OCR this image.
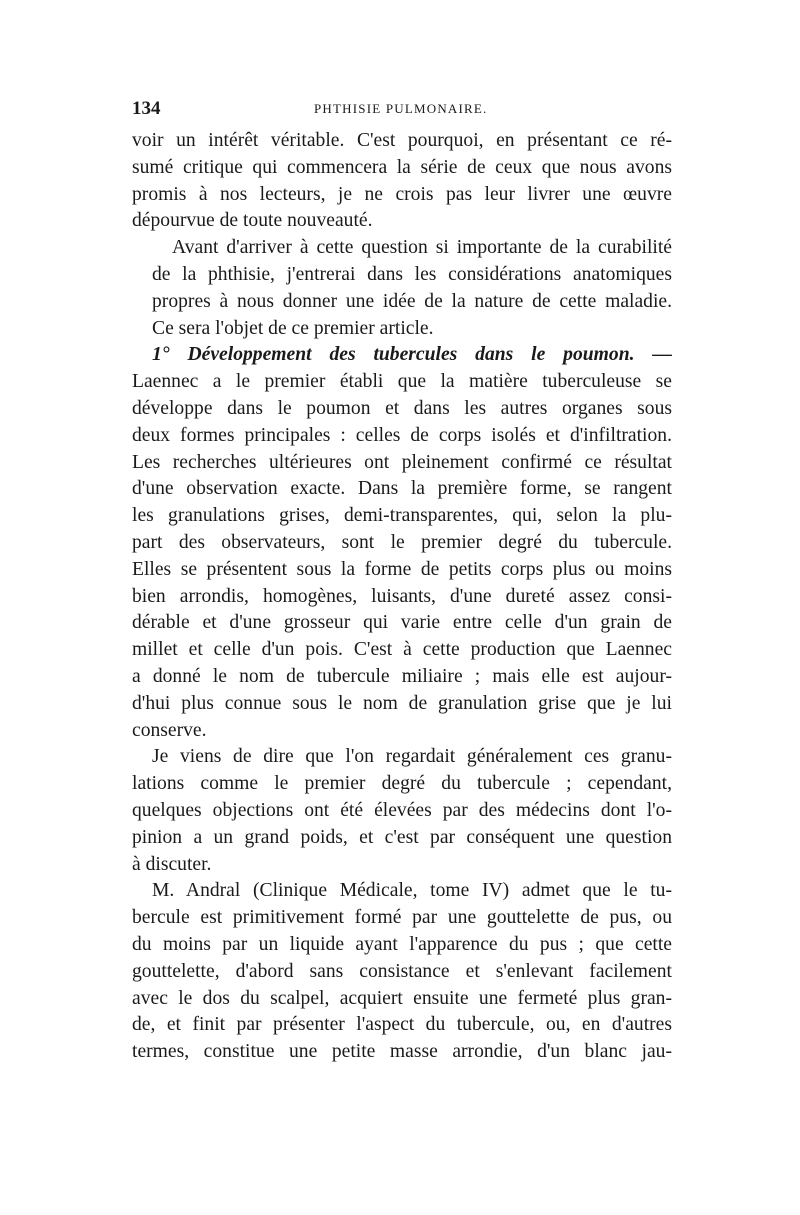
134	PHTHISIE PULMONAIRE.
voir un intérêt véritable. C'est pourquoi, en présentant ce ré-
sumé critique qui commencera la série de ceux que nous avons
promis à nos lecteurs, je ne crois pas leur livrer une œuvre
dépourvue de toute nouveauté.
Avant d'arriver à cette question si importante de la curabilité
de la phthisie, j'entrerai dans les considérations anatomiques
propres à nous donner une idée de la nature de cette maladie.
Ce sera l'objet de ce premier article.
1° Développement des tubercules dans le poumon. —
Laennec a le premier établi que la matière tuberculeuse se
développe dans le poumon et dans les autres organes sous
deux formes principales : celles de corps isolés et d'infiltration.
Les recherches ultérieures ont pleinement confirmé ce résultat
d'une observation exacte. Dans la première forme, se rangent
les granulations grises, demi-transparentes, qui, selon la plu-
part des observateurs, sont le premier degré du tubercule.
Elles se présentent sous la forme de petits corps plus ou moins
bien arrondis, homogènes, luisants, d'une dureté assez consi-
dérable et d'une grosseur qui varie entre celle d'un grain de
millet et celle d'un pois. C'est à cette production que Laennec
a donné le nom de tubercule miliaire ; mais elle est aujour-
d'hui plus connue sous le nom de granulation grise que je lui
conserve.
Je viens de dire que l'on regardait généralement ces granu-
lations comme le premier degré du tubercule ; cependant,
quelques objections ont été élevées par des médecins dont l'o-
pinion a un grand poids, et c'est par conséquent une question
à discuter.
M. Andral (Clinique Médicale, tome IV) admet que le tu-
bercule est primitivement formé par une gouttelette de pus, ou
du moins par un liquide ayant l'apparence du pus ; que cette
gouttelette, d'abord sans consistance et s'enlevant facilement
avec le dos du scalpel, acquiert ensuite une fermeté plus gran-
de, et finit par présenter l'aspect du tubercule, ou, en d'autres
termes, constitue une petite masse arrondie, d'un blanc jau-
